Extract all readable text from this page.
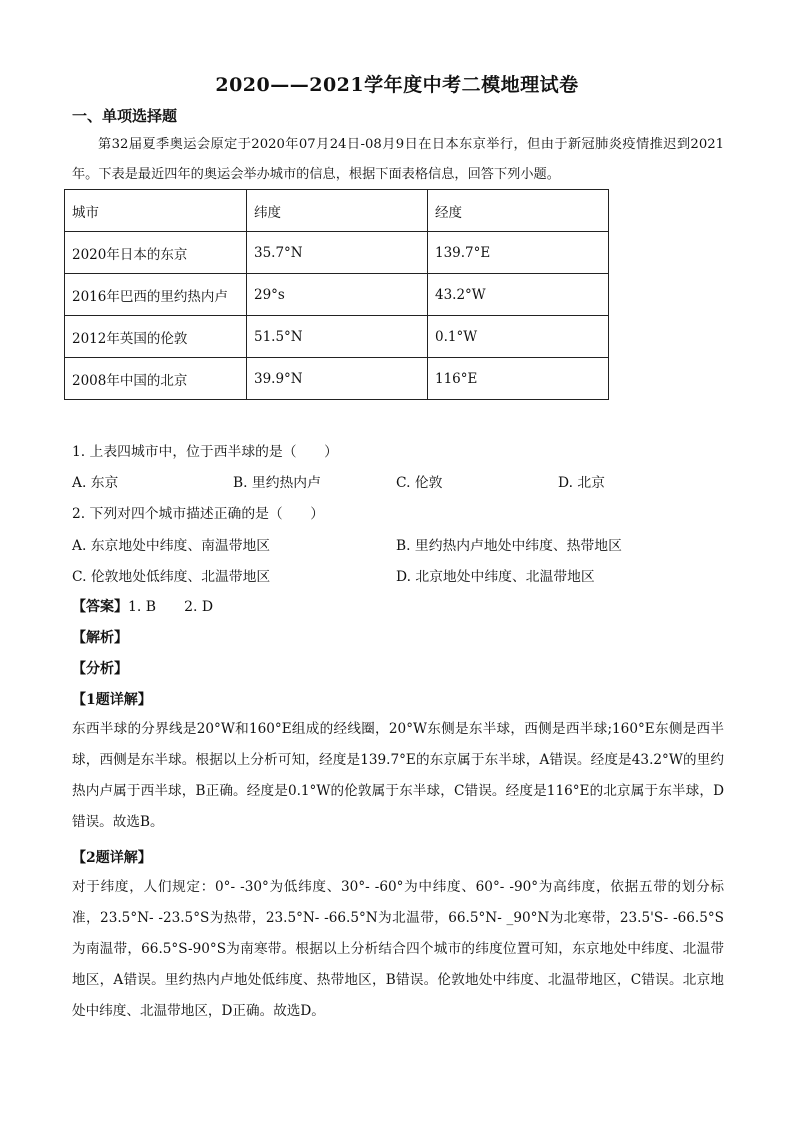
2020——2021学年度中考二模地理试卷
一、单项选择题

第32届夏季奥运会原定于2020年07月24日-08月9日在日本东京举行，但由于新冠肺炎疫情推迟到2021年。下表是最近四年的奥运会举办城市的信息，根据下面表格信息，回答下列小题。

城市	纬度	经度
2020年日本的东京	35.7°N	139.7°E
2016年巴西的里约热内卢	29°s	43.2°W
2012年英国的伦敦	51.5°N	0.1°W
2008年中国的北京	39.9°N	116°E
1. 上表四城市中，位于西半球的是（　　）
A. 东京	B. 里约热内卢	C. 伦敦	D. 北京
2. 下列对四个城市描述正确的是（　　）
A. 东京地处中纬度、南温带地区	B. 里约热内卢地处中纬度、热带地区
C. 伦敦地处低纬度、北温带地区	D. 北京地处中纬度、北温带地区
【答案】1. B　　2. D
【解析】
【分析】
【1题详解】

东西半球的分界线是20°W和160°E组成的经线圈，20°W东侧是东半球，西侧是西半球;160°E东侧是西半球，西侧是东半球。根据以上分析可知，经度是139.7°E的东京属于东半球，A错误。经度是43.2°W的里约热内卢属于西半球，B正确。经度是0.1°W的伦敦属于东半球，C错误。经度是116°E的北京属于东半球，D错误。故选B。

【2题详解】

对于纬度，人们规定：0°- -30°为低纬度、30°- -60°为中纬度、60°- -90°为高纬度，依据五带的划分标准，23.5°N- -23.5°S为热带，23.5°N- -66.5°N为北温带，66.5°N- _90°N为北寒带，23.5'S- -66.5°S为南温带，66.5°S-90°S为南寒带。根据以上分析结合四个城市的纬度位置可知，东京地处中纬度、北温带地区，A错误。里约热内卢地处低纬度、热带地区，B错误。伦敦地处中纬度、北温带地区，C错误。北京地处中纬度、北温带地区，D正确。故选D。
